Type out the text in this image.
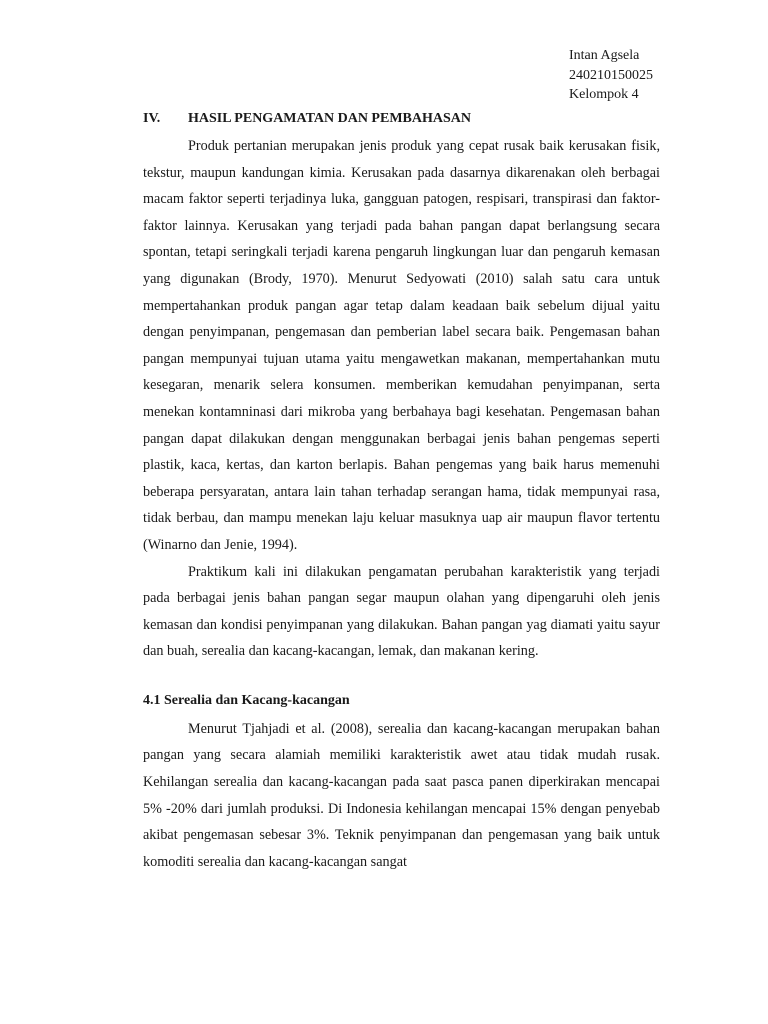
Intan Agsela
240210150025
Kelompok 4
IV.	HASIL PENGAMATAN DAN PEMBAHASAN

Produk pertanian merupakan jenis produk yang cepat rusak baik kerusakan fisik, tekstur, maupun kandungan kimia. Kerusakan pada dasarnya dikarenakan oleh berbagai macam faktor seperti terjadinya luka, gangguan patogen, respisari, transpirasi dan faktor-faktor lainnya. Kerusakan yang terjadi pada bahan pangan dapat berlangsung secara spontan, tetapi seringkali terjadi karena pengaruh lingkungan luar dan pengaruh kemasan yang digunakan (Brody, 1970). Menurut Sedyowati (2010) salah satu cara untuk mempertahankan produk pangan agar tetap dalam keadaan baik sebelum dijual yaitu dengan penyimpanan, pengemasan dan pemberian label secara baik. Pengemasan bahan pangan mempunyai tujuan utama yaitu mengawetkan makanan, mempertahankan mutu kesegaran, menarik selera konsumen. memberikan kemudahan penyimpanan, serta menekan kontamninasi dari mikroba yang berbahaya bagi kesehatan. Pengemasan bahan pangan dapat dilakukan dengan menggunakan berbagai jenis bahan pengemas seperti plastik, kaca, kertas, dan karton berlapis. Bahan pengemas yang baik harus memenuhi beberapa persyaratan, antara lain tahan terhadap serangan hama, tidak mempunyai rasa, tidak berbau, dan mampu menekan laju keluar masuknya uap air maupun flavor tertentu (Winarno dan Jenie, 1994).

Praktikum kali ini dilakukan pengamatan perubahan karakteristik yang terjadi pada berbagai jenis bahan pangan segar maupun olahan yang dipengaruhi oleh jenis kemasan dan kondisi penyimpanan yang dilakukan. Bahan pangan yag diamati yaitu sayur dan buah, serealia dan kacang-kacangan, lemak, dan makanan kering.

4.1 Serealia dan Kacang-kacangan

Menurut Tjahjadi et al. (2008), serealia dan kacang-kacangan merupakan bahan pangan yang secara alamiah memiliki karakteristik awet atau tidak mudah rusak. Kehilangan serealia dan kacang-kacangan pada saat pasca panen diperkirakan mencapai 5% -20% dari jumlah produksi. Di Indonesia kehilangan mencapai 15% dengan penyebab akibat pengemasan sebesar 3%. Teknik penyimpanan dan pengemasan yang baik untuk komoditi serealia dan kacang-kacangan sangat
